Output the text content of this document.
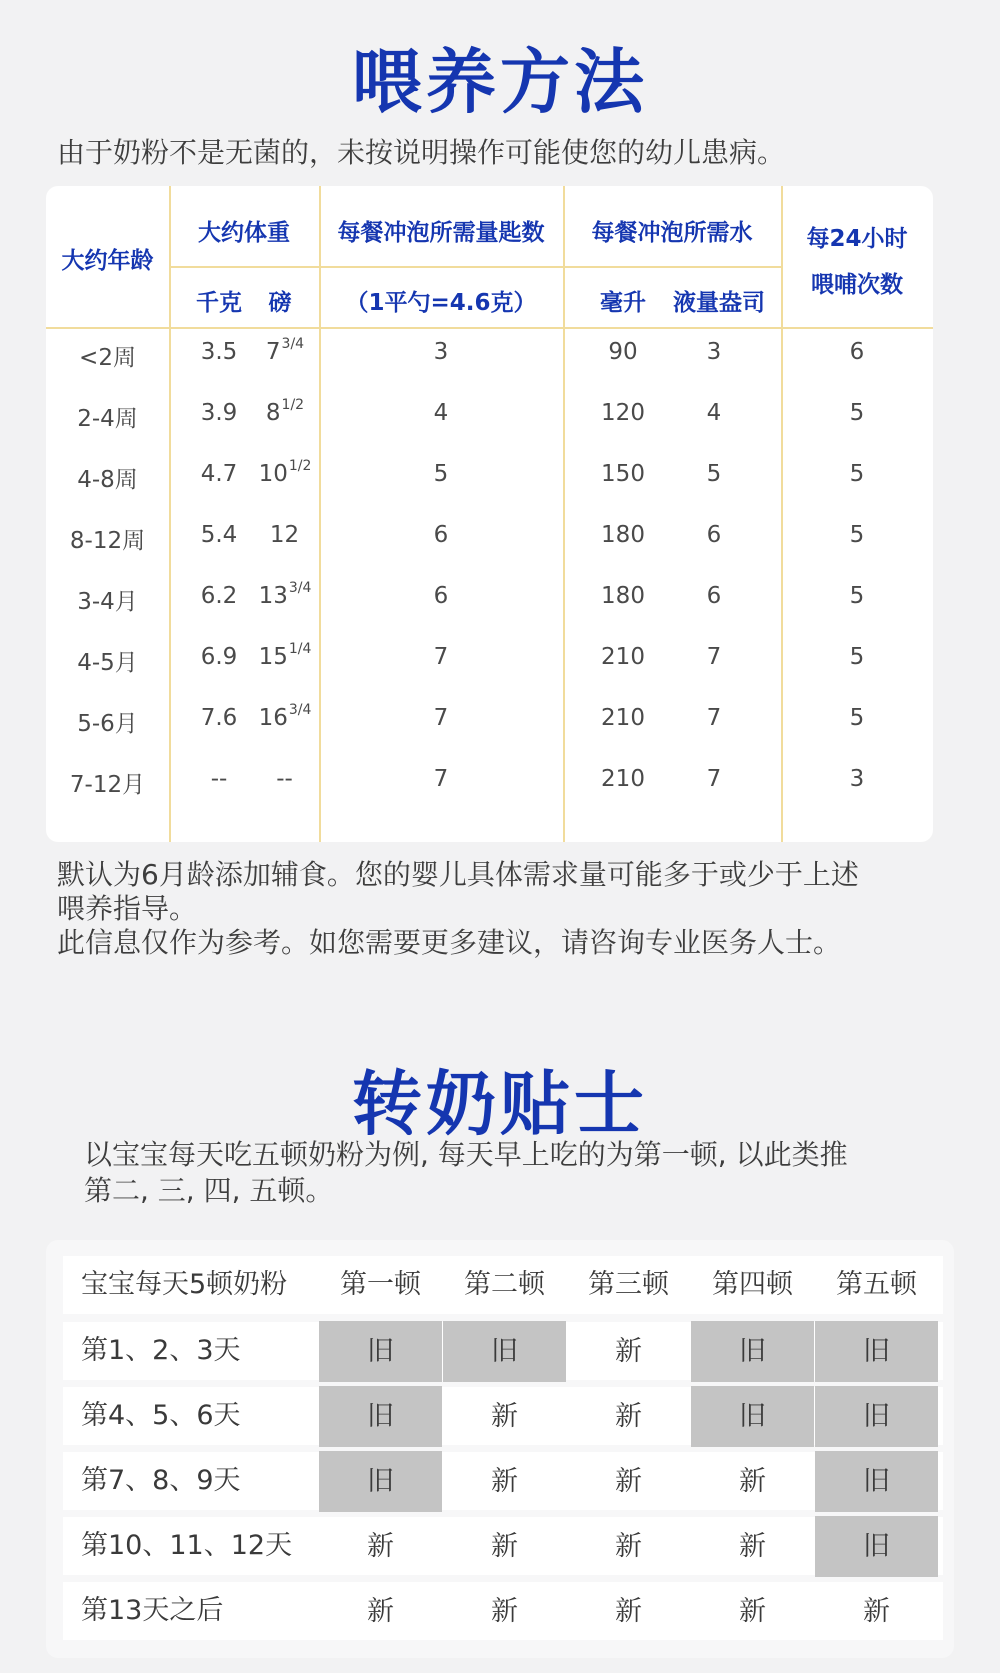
喂养方法
由于奶粉不是无菌的，未按说明操作可能使您的幼儿患病。
大约年龄
大约体重
千克	磅
每餐冲泡所需量匙数
（1平勺=4.6克）
每餐冲泡所需水
毫升	液量盎司
每24小时
喂哺次数
<2周	3.5	$7^{3/4}$	3	90	3	6
2-4周	3.9	$8^{1/2}$	4	120	4	5
4-8周	4.7 $10^{1/2}$	5	150	5	5
8-12周	5.4	12	6	180	6	5
3-4月	6.2 $13^{3/4}$	6	180	6	5
4-5月	6.9 $15^{1/4}$	7	210	7	5
5-6月	7.6 $16^{3/4}$	7	210	7	5
7-12月	--	--	7	210	7	3
默认为6月龄添加辅食。您的婴儿具体需求量可能多于或少于上述
喂养指导。
此信息仅作为参考。如您需要更多建议，请咨询专业医务人士。
转奶贴士
以宝宝每天吃五顿奶粉为例, 每天早上吃的为第一顿, 以此类推
第二, 三, 四, 五顿。
宝宝每天5顿奶粉	第一顿	第二顿	第三顿	第四顿	第五顿
第1、2、3天	旧	旧	新	旧	旧
第4、5、6天	旧	新	新	旧	旧
第7、8、9天	旧	新	新	新	旧
第10、11、12天	新	新	新	新	旧
第13天之后	新	新	新	新	新
